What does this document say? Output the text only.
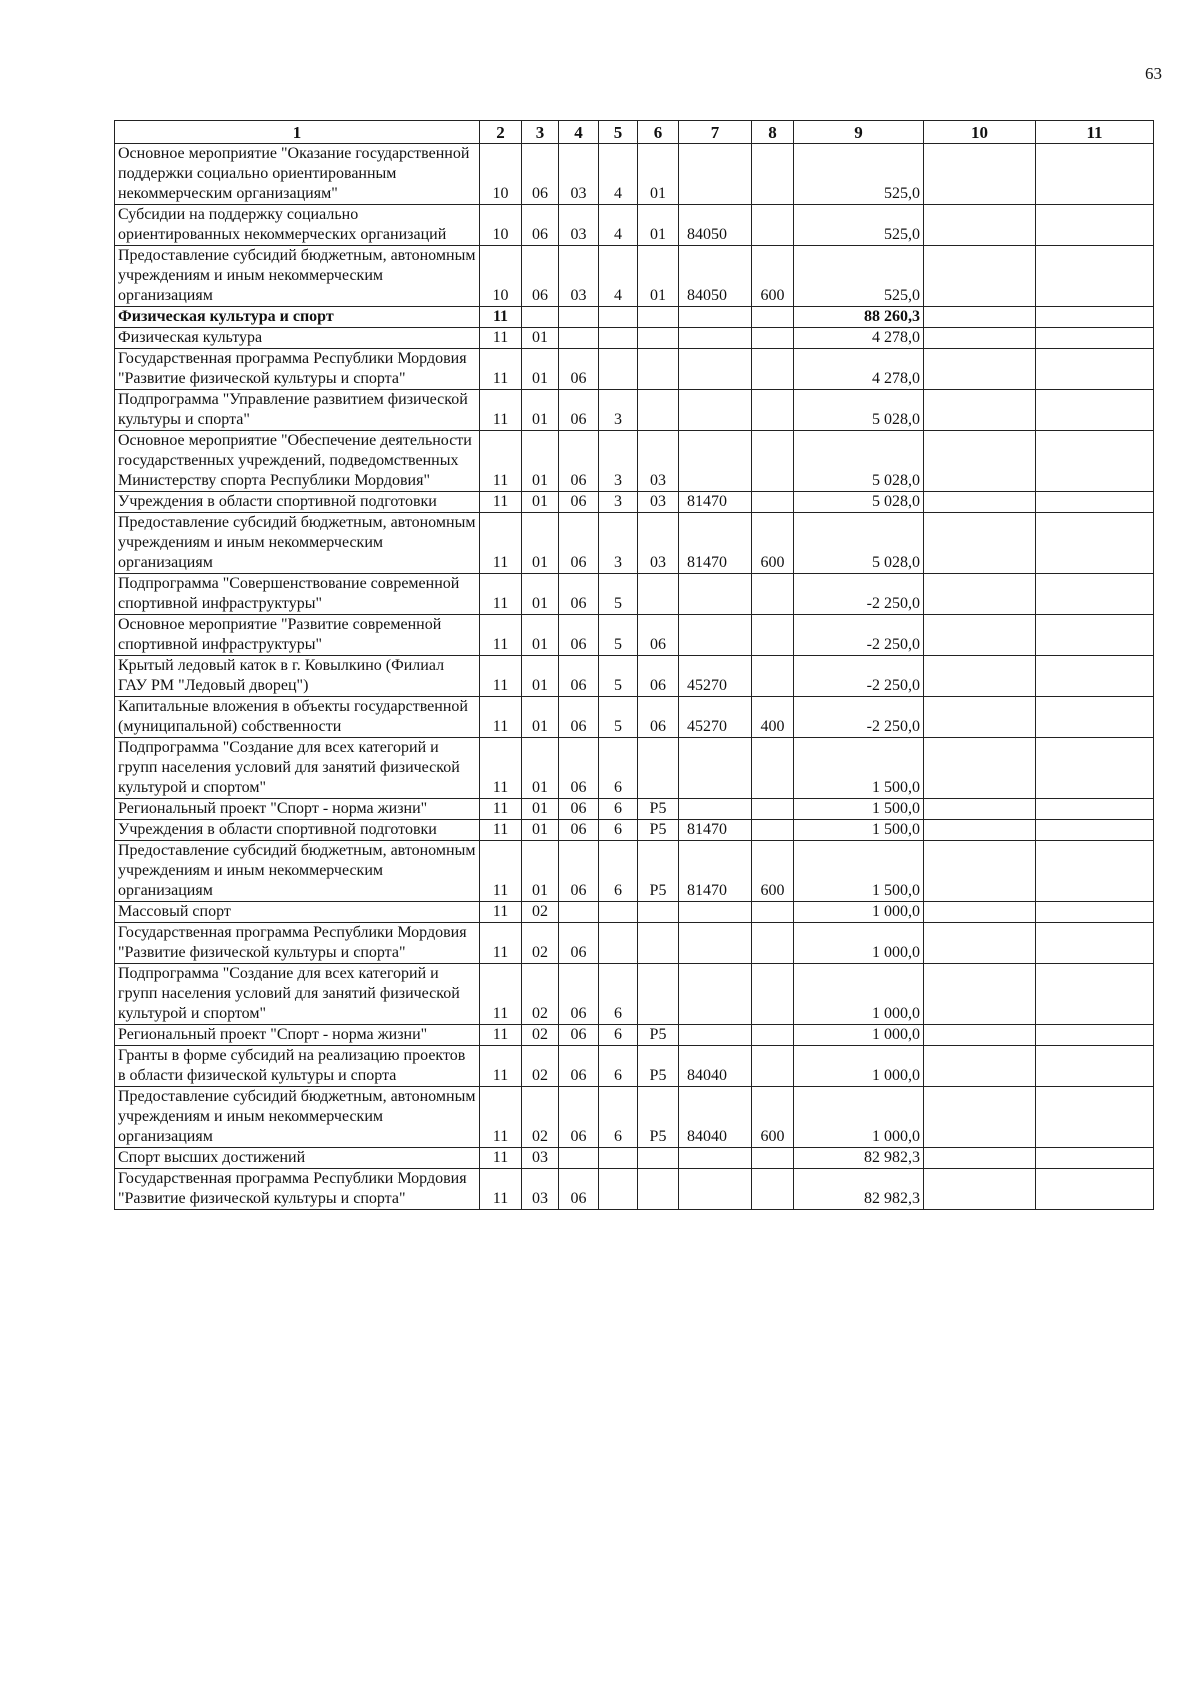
63
1	2	3	4	5	6	7	8	9	10	11
Основное мероприятие "Оказание государственной поддержки социально ориентированным некоммерческим организациям"	10	06	03	4	01			525,0		
Субсидии на поддержку социально ориентированных некоммерческих организаций	10	06	03	4	01	84050		525,0		
Предоставление субсидий бюджетным, автономным учреждениям и иным некоммерческим организациям	10	06	03	4	01	84050	600	525,0		
Физическая культура и спорт	11							88 260,3		
Физическая культура	11	01						4 278,0		
Государственная программа Республики Мордовия "Развитие физической культуры и спорта"	11	01	06					4 278,0		
Подпрограмма "Управление развитием физической культуры и спорта"	11	01	06	3				5 028,0		
Основное мероприятие "Обеспечение деятельности государственных учреждений, подведомственных Министерству спорта Республики Мордовия"	11	01	06	3	03			5 028,0		
Учреждения в области спортивной подготовки	11	01	06	3	03	81470		5 028,0		
Предоставление субсидий бюджетным, автономным учреждениям и иным некоммерческим организациям	11	01	06	3	03	81470	600	5 028,0		
Подпрограмма "Совершенствование современной спортивной инфраструктуры"	11	01	06	5				-2 250,0		
Основное мероприятие "Развитие современной спортивной инфраструктуры"	11	01	06	5	06			-2 250,0		
Крытый ледовый каток в г. Ковылкино (Филиал ГАУ РМ "Ледовый дворец")	11	01	06	5	06	45270		-2 250,0		
Капитальные вложения в объекты государственной (муниципальной) собственности	11	01	06	5	06	45270	400	-2 250,0		
Подпрограмма "Создание для всех категорий и групп населения условий для занятий физической культурой и спортом"	11	01	06	6				1 500,0		
Региональный проект "Спорт - норма жизни"	11	01	06	6	P5			1 500,0		
Учреждения в области спортивной подготовки	11	01	06	6	P5	81470		1 500,0		
Предоставление субсидий бюджетным, автономным учреждениям и иным некоммерческим организациям	11	01	06	6	P5	81470	600	1 500,0		
Массовый спорт	11	02						1 000,0		
Государственная программа Республики Мордовия "Развитие физической культуры и спорта"	11	02	06					1 000,0		
Подпрограмма "Создание для всех категорий и групп населения условий для занятий физической культурой и спортом"	11	02	06	6				1 000,0		
Региональный проект "Спорт - норма жизни"	11	02	06	6	P5			1 000,0		
Гранты в форме субсидий на реализацию проектов в области физической культуры и спорта	11	02	06	6	P5	84040		1 000,0		
Предоставление субсидий бюджетным, автономным учреждениям и иным некоммерческим организациям	11	02	06	6	P5	84040	600	1 000,0		
Спорт высших достижений	11	03						82 982,3		
Государственная программа Республики Мордовия "Развитие физической культуры и спорта"	11	03	06					82 982,3		
